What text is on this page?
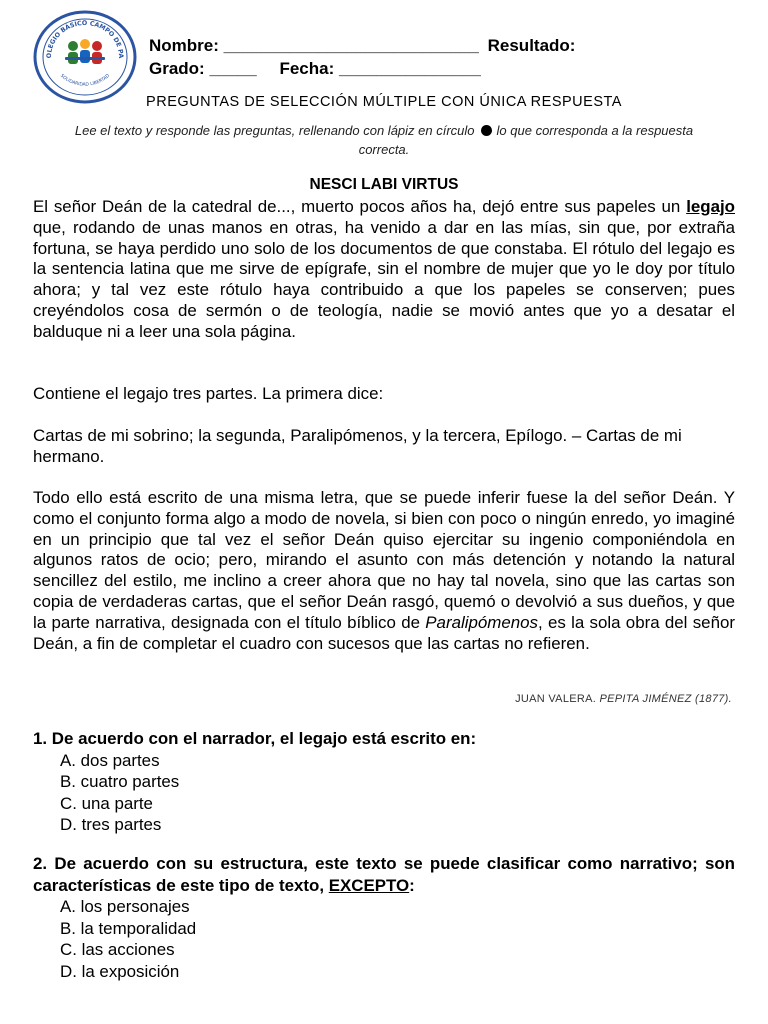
OLEGIO BÁSICO CAMPO DE PA
SOLIDARIDAD LIBERTAD
Nombre: ___________________________ Resultado:
Grado: _____ Fecha: _______________
PREGUNTAS DE SELECCIÓN MÚLTIPLE CON ÚNICA RESPUESTA
Lee el texto y responde las preguntas, rellenando con lápiz en círculo lo que corresponda a la respuesta correcta.
NESCI LABI VIRTUS

El señor Deán de la catedral de..., muerto pocos años ha, dejó entre sus papeles un legajo que, rodando de unas manos en otras, ha venido a dar en las mías, sin que, por extraña fortuna, se haya perdido uno solo de los documentos de que constaba. El rótulo del legajo es la sentencia latina que me sirve de epígrafe, sin el nombre de mujer que yo le doy por título ahora; y tal vez este rótulo haya contribuido a que los papeles se conserven; pues creyéndolos cosa de sermón o de teología, nadie se movió antes que yo a desatar el balduque ni a leer una sola página.

Contiene el legajo tres partes. La primera dice:

Cartas de mi sobrino; la segunda, Paralipómenos, y la tercera, Epílogo. – Cartas de mi hermano.

Todo ello está escrito de una misma letra, que se puede inferir fuese la del señor Deán. Y como el conjunto forma algo a modo de novela, si bien con poco o ningún enredo, yo imaginé en un principio que tal vez el señor Deán quiso ejercitar su ingenio componiéndola en algunos ratos de ocio; pero, mirando el asunto con más detención y notando la natural sencillez del estilo, me inclino a creer ahora que no hay tal novela, sino que las cartas son copia de verdaderas cartas, que el señor Deán rasgó, quemó o devolvió a sus dueños, y que la parte narrativa, designada con el título bíblico de Paralipómenos, es la sola obra del señor Deán, a fin de completar el cuadro con sucesos que las cartas no refieren.

JUAN VALERA. PEPITA JIMÉNEZ (1877).
1. De acuerdo con el narrador, el legajo está escrito en:
A. dos partes
B. cuatro partes
C. una parte
D. tres partes
2. De acuerdo con su estructura, este texto se puede clasificar como narrativo; son características de este tipo de texto, EXCEPTO:
A. los personajes
B. la temporalidad
C. las acciones
D. la exposición
